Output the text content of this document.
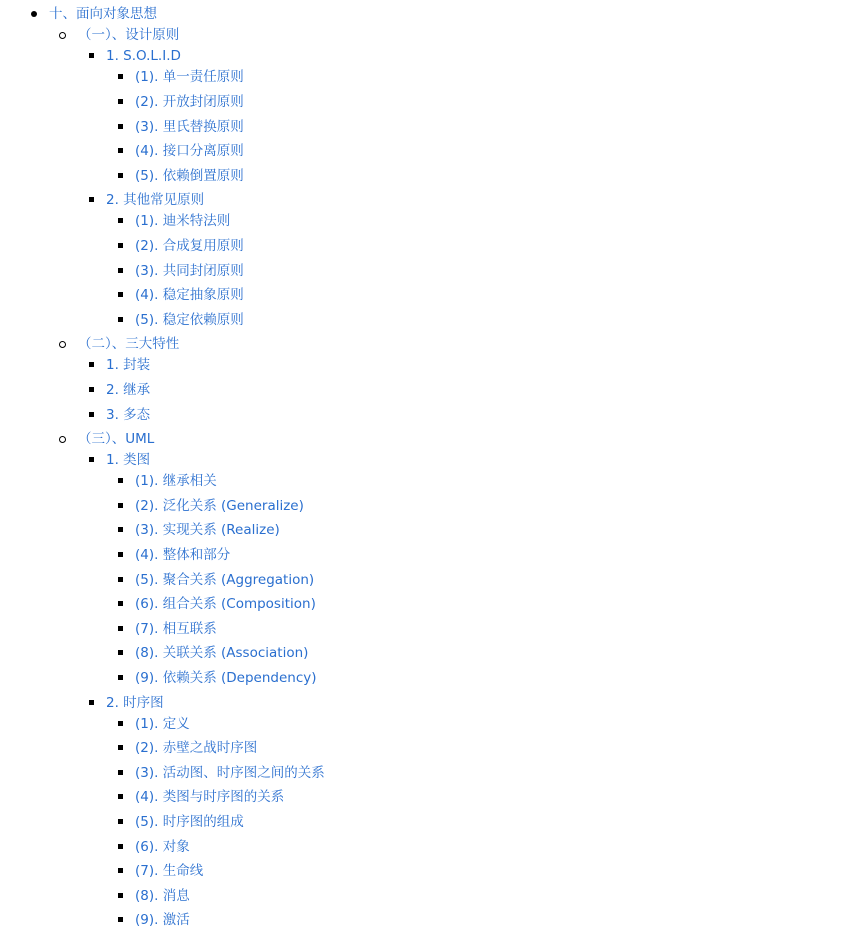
十、面向对象思想
（一）、设计原则
1. S.O.L.I.D
(1). 单一责任原则
(2). 开放封闭原则
(3). 里氏替换原则
(4). 接口分离原则
(5). 依赖倒置原则
2. 其他常见原则
(1). 迪米特法则
(2). 合成复用原则
(3). 共同封闭原则
(4). 稳定抽象原则
(5). 稳定依赖原则
（二）、三大特性
1. 封装
2. 继承
3. 多态
（三）、UML
1. 类图
(1). 继承相关
(2). 泛化关系 (Generalize)
(3). 实现关系 (Realize)
(4). 整体和部分
(5). 聚合关系 (Aggregation)
(6). 组合关系 (Composition)
(7). 相互联系
(8). 关联关系 (Association)
(9). 依赖关系 (Dependency)
2. 时序图
(1). 定义
(2). 赤壁之战时序图
(3). 活动图、时序图之间的关系
(4). 类图与时序图的关系
(5). 时序图的组成
(6). 对象
(7). 生命线
(8). 消息
(9). 激活
